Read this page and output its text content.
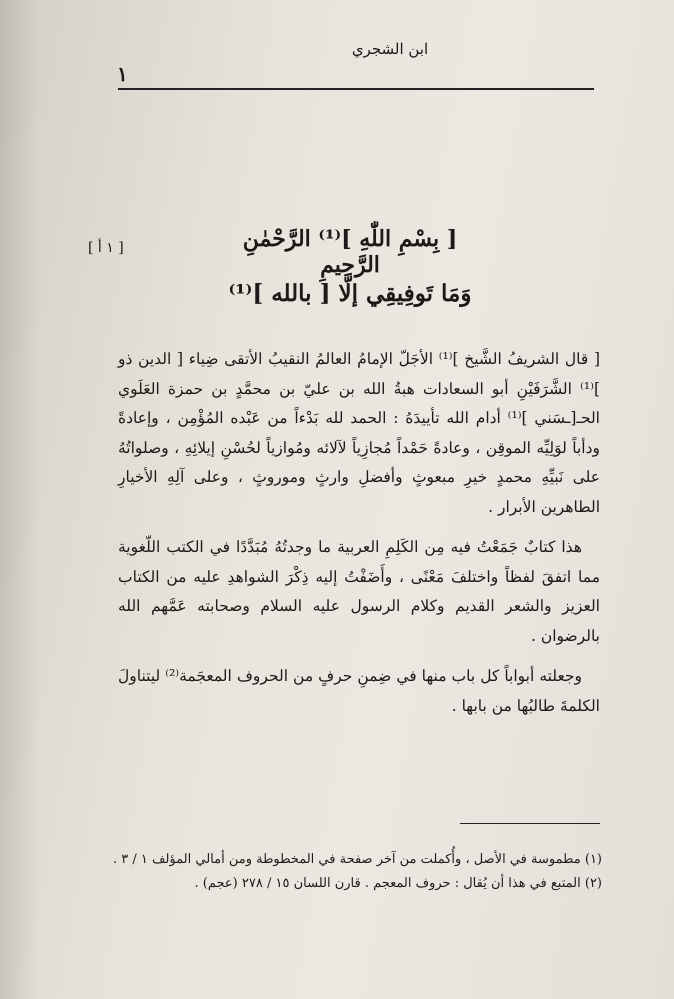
ابن الشجري
١
[ ١ أ ]	[ بِسْمِ اللّٰهِ ]⁽¹⁾ الرَّحْمٰنِ الرَّحِيمِ
وَمَا تَوفِيقِي إلَّا [ بالله ]⁽¹⁾

[ قال الشريفُ الشَّيخ ]⁽¹⁾ الأجَلّ الإمامُ العالمُ النقيبُ الأتقى ضِياء [ الدين ذو ]⁽¹⁾ الشَّرَفَيْنِ أبو السعادات هبةُ الله بن عليّ بن محمَّدٍ بن حمزة العَلَوي الحـ[ـسَني ]⁽¹⁾ أدام الله تأييدَهُ : الحمد لله بَدْءاً من عَبْده المُؤْمِن ، وإعادةً ودأباً لوَلِيِّه الموقِن ، وعادةً حَمْداً مُجازِياً لآلائه ومُوازياً لحُسْنِ إيلائِهِ ، وصلواتُهُ على نَبيِّهِ محمدٍ خيرِ مبعوثٍ وأفضلِ وارثٍ وموروثٍ ، وعلى آلِهِ الأخيارِ الطاهرين الأبرار .

هذا كتابٌ جَمَعْتُ فيه مِن الكَلِمِ العربية ما وجدتُهُ مُبَدَّدًا في الكتب اللّغوية مما اتفقَ لفظاً واختلفَ مَعْنًى ، وأَضَفْتُ إليه ذِكْرَ الشواهدِ عليه من الكتاب العزيز والشعر القديم وكلام الرسول عليه السلام وصحابته عَمَّهم الله بالرضوان .

وجعلته أبواباً كل باب منها في ضِمنِ حرفٍ من الحروف المعجَمة⁽²⁾ ليتناولَ الكلمةَ طالبُها من بابها .

(١) مطموسة في الأصل ، وأُكملت من آخر صفحة في المخطوطة ومن أمالي المؤلف ١ / ٣ .

(٢) المتبع في هذا أن يُقال : حروف المعجم . قارن اللسان ١٥ / ٢٧٨ (عجم) .
